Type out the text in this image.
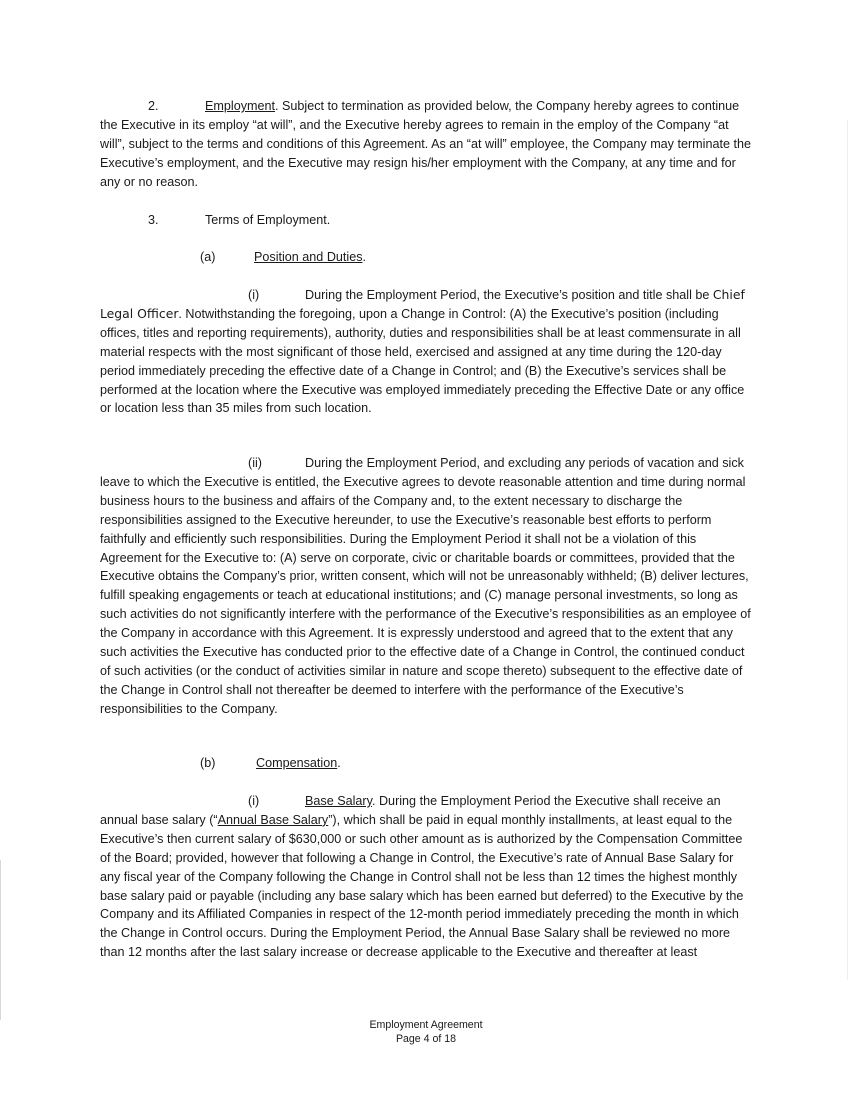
2.	Employment. Subject to termination as provided below, the Company hereby agrees to continue the Executive in its employ “at will”, and the Executive hereby agrees to remain in the employ of the Company “at will”, subject to the terms and conditions of this Agreement. As an “at will” employee, the Company may terminate the Executive’s employment, and the Executive may resign his/her employment with the Company, at any time and for any or no reason.

3.	Terms of Employment.

(a)	Position and Duties.

(i)	During the Employment Period, the Executive’s position and title shall be Chief Legal Officer. Notwithstanding the foregoing, upon a Change in Control: (A) the Executive’s position (including offices, titles and reporting requirements), authority, duties and responsibilities shall be at least commensurate in all material respects with the most significant of those held, exercised and assigned at any time during the 120-day period immediately preceding the effective date of a Change in Control; and (B) the Executive’s services shall be performed at the location where the Executive was employed immediately preceding the Effective Date or any office or location less than 35 miles from such location.

(ii)	During the Employment Period, and excluding any periods of vacation and sick leave to which the Executive is entitled, the Executive agrees to devote reasonable attention and time during normal business hours to the business and affairs of the Company and, to the extent necessary to discharge the responsibilities assigned to the Executive hereunder, to use the Executive’s reasonable best efforts to perform faithfully and efficiently such responsibilities. During the Employment Period it shall not be a violation of this Agreement for the Executive to: (A) serve on corporate, civic or charitable boards or committees, provided that the Executive obtains the Company’s prior, written consent, which will not be unreasonably withheld; (B) deliver lectures, fulfill speaking engagements or teach at educational institutions; and (C) manage personal investments, so long as such activities do not significantly interfere with the performance of the Executive’s responsibilities as an employee of the Company in accordance with this Agreement. It is expressly understood and agreed that to the extent that any such activities the Executive has conducted prior to the effective date of a Change in Control, the continued conduct of such activities (or the conduct of activities similar in nature and scope thereto) subsequent to the effective date of the Change in Control shall not thereafter be deemed to interfere with the performance of the Executive’s responsibilities to the Company.

(b)	Compensation.

(i)	Base Salary. During the Employment Period the Executive shall receive an annual base salary (“Annual Base Salary”), which shall be paid in equal monthly installments, at least equal to the Executive’s then current salary of $630,000 or such other amount as is authorized by the Compensation Committee of the Board; provided, however that following a Change in Control, the Executive’s rate of Annual Base Salary for any fiscal year of the Company following the Change in Control shall not be less than 12 times the highest monthly base salary paid or payable (including any base salary which has been earned but deferred) to the Executive by the Company and its Affiliated Companies in respect of the 12-month period immediately preceding the month in which the Change in Control occurs. During the Employment Period, the Annual Base Salary shall be reviewed no more than 12 months after the last salary increase or decrease applicable to the Executive and thereafter at least

Employment Agreement
Page 4 of 18
